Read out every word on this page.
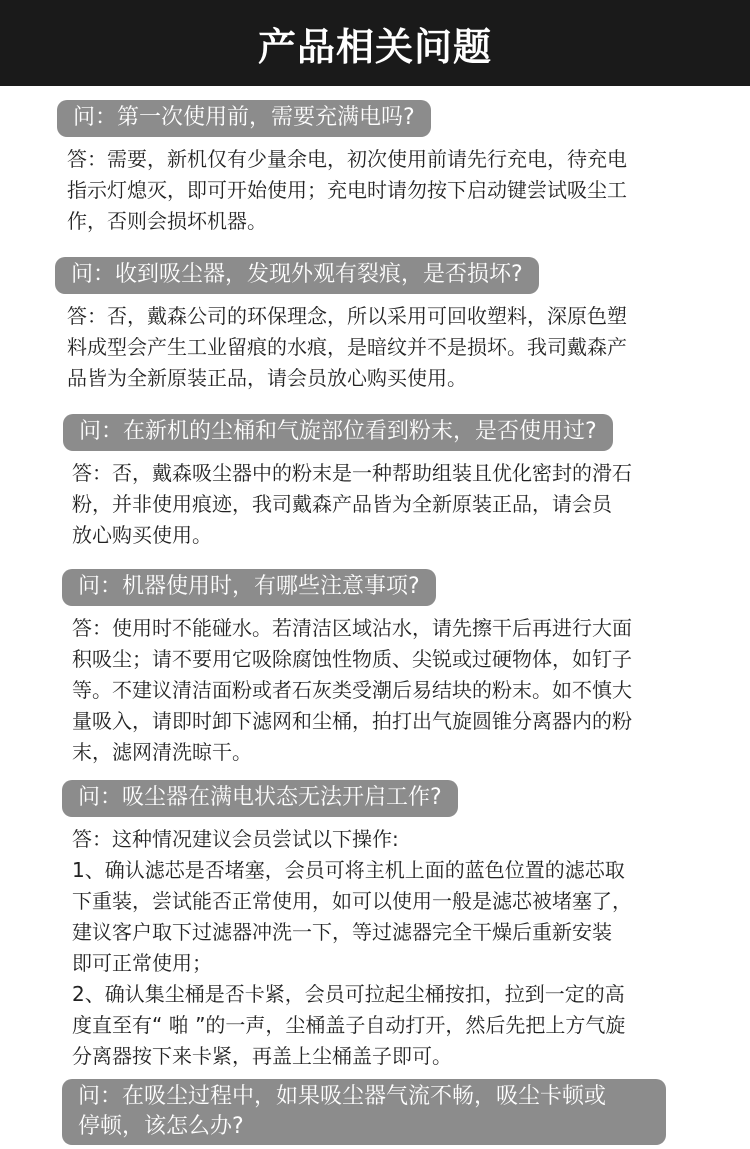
产品相关问题
问：第一次使用前，需要充满电吗?
答：需要，新机仅有少量余电，初次使用前请先行充电，待充电
指示灯熄灭，即可开始使用；充电时请勿按下启动键尝试吸尘工
作，否则会损坏机器。
问：收到吸尘器，发现外观有裂痕，是否损坏?
答：否，戴森公司的环保理念，所以采用可回收塑料，深原色塑
料成型会产生工业留痕的水痕，是暗纹并不是损坏。我司戴森产
品皆为全新原装正品，请会员放心购买使用。
问：在新机的尘桶和气旋部位看到粉末，是否使用过?
答：否，戴森吸尘器中的粉末是一种帮助组装且优化密封的滑石
粉，并非使用痕迹，我司戴森产品皆为全新原装正品，请会员
放心购买使用。
问：机器使用时，有哪些注意事项?
答：使用时不能碰水。若清洁区域沾水，请先擦干后再进行大面
积吸尘；请不要用它吸除腐蚀性物质、尖锐或过硬物体，如钉子
等。不建议清洁面粉或者石灰类受潮后易结块的粉末。如不慎大
量吸入，请即时卸下滤网和尘桶，拍打出气旋圆锥分离器内的粉
末，滤网清洗晾干。
问：吸尘器在满电状态无法开启工作?
答：这种情况建议会员尝试以下操作:
1、确认滤芯是否堵塞，会员可将主机上面的蓝色位置的滤芯取
下重装，尝试能否正常使用，如可以使用一般是滤芯被堵塞了，
建议客户取下过滤器冲洗一下，等过滤器完全干燥后重新安装
即可正常使用；
2、确认集尘桶是否卡紧，会员可拉起尘桶按扣，拉到一定的高
度直至有“ 啪 ”的一声，尘桶盖子自动打开，然后先把上方气旋
分离器按下来卡紧，再盖上尘桶盖子即可。
问：在吸尘过程中，如果吸尘器气流不畅，吸尘卡顿或
停顿，该怎么办?
